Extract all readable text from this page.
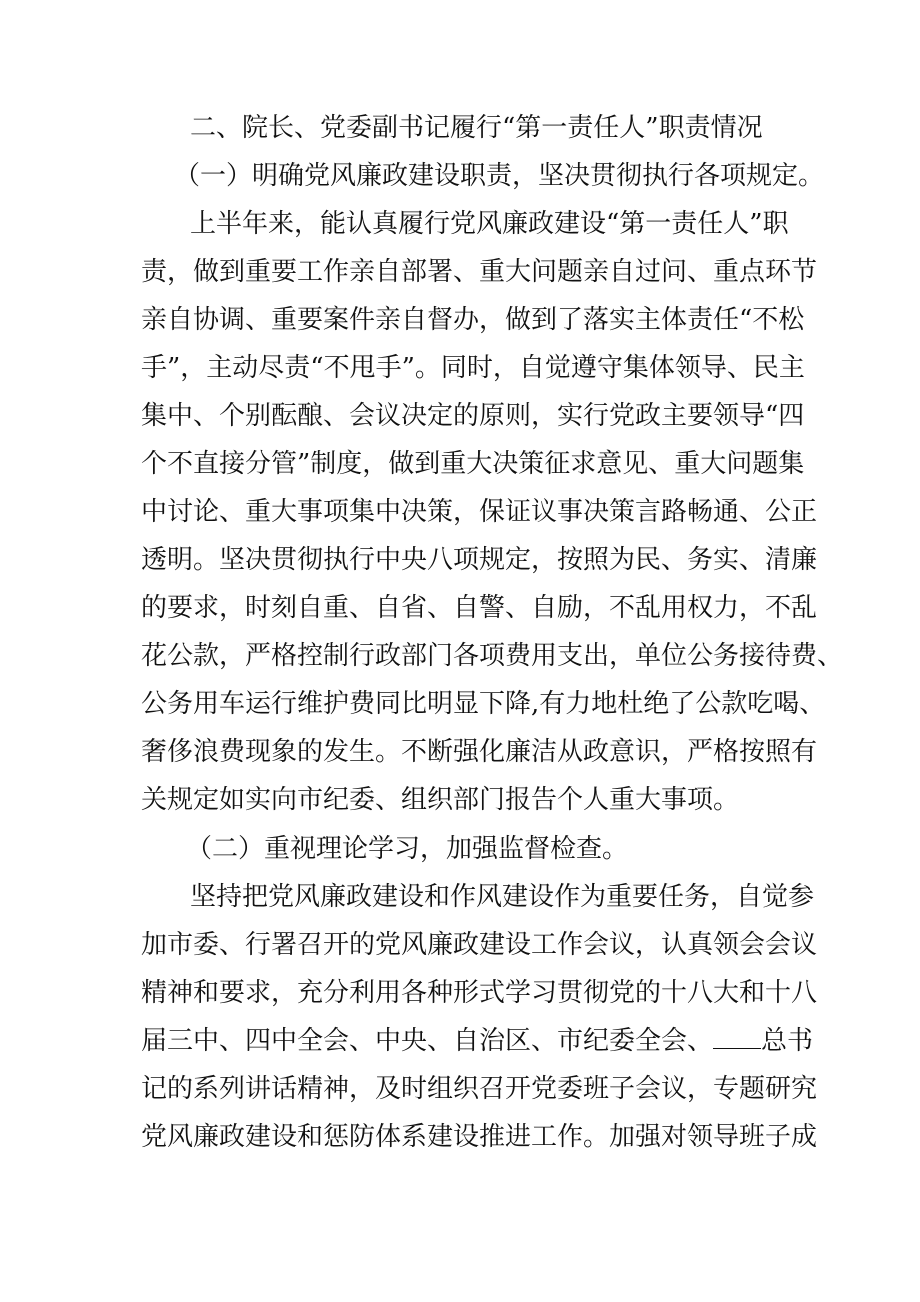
二、院长、党委副书记履行“第一责任人”职责情况
（一）明确党风廉政建设职责，坚决贯彻执行各项规定。
上半年来，能认真履行党风廉政建设“第一责任人”职
责，做到重要工作亲自部署、重大问题亲自过问、重点环节
亲自协调、重要案件亲自督办，做到了落实主体责任“不松
手”，主动尽责“不甩手”。同时，自觉遵守集体领导、民主
集中、个别酝酿、会议决定的原则，实行党政主要领导“四
个不直接分管”制度，做到重大决策征求意见、重大问题集
中讨论、重大事项集中决策，保证议事决策言路畅通、公正
透明。坚决贯彻执行中央八项规定，按照为民、务实、清廉
的要求，时刻自重、自省、自警、自励，不乱用权力，不乱
花公款，严格控制行政部门各项费用支出，单位公务接待费、
公务用车运行维护费同比明显下降,有力地杜绝了公款吃喝、
奢侈浪费现象的发生。不断强化廉洁从政意识，严格按照有
关规定如实向市纪委、组织部门报告个人重大事项。
（二）重视理论学习，加强监督检查。
坚持把党风廉政建设和作风建设作为重要任务，自觉参
加市委、行署召开的党风廉政建设工作会议，认真领会会议
精神和要求，充分利用各种形式学习贯彻党的十八大和十八
届三中、四中全会、中央、自治区、市纪委全会、 总书
记的系列讲话精神，及时组织召开党委班子会议，专题研究
党风廉政建设和惩防体系建设推进工作。加强对领导班子成
